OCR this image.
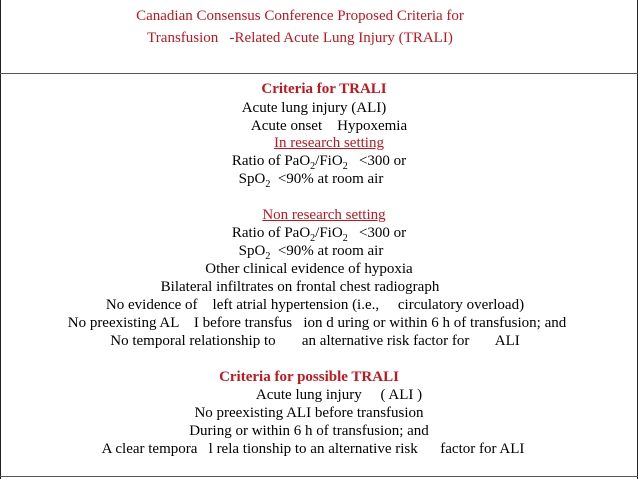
Canadian Consensus Conference Proposed Criteria for
Transfusion   -Related Acute Lung Injury (TRALI)
Criteria for TRALI
Acute lung injury (ALI)
Acute onset    Hypoxemia
In research setting
Ratio of PaO$_2$/FiO$_2$   <300 or
SpO$_2$  <90% at room air
Non research setting
Ratio of PaO$_2$/FiO$_2$   <300 or
SpO$_2$  <90% at room air
Other clinical evidence of hypoxia
Bilateral infiltrates on frontal chest radiograph
No evidence of    left atrial hypertension (i.e.,     circulatory overload)
No preexisting AL    I before transfus   ion d uring or within 6 h of transfusion; and
No temporal relationship to       an alternative risk factor for       ALI
Criteria for possible TRALI
Acute lung injury     ( ALI )
No preexisting ALI before transfusion
During or within 6 h of transfusion; and
A clear tempora   l rela tionship to an alternative risk      factor for ALI
